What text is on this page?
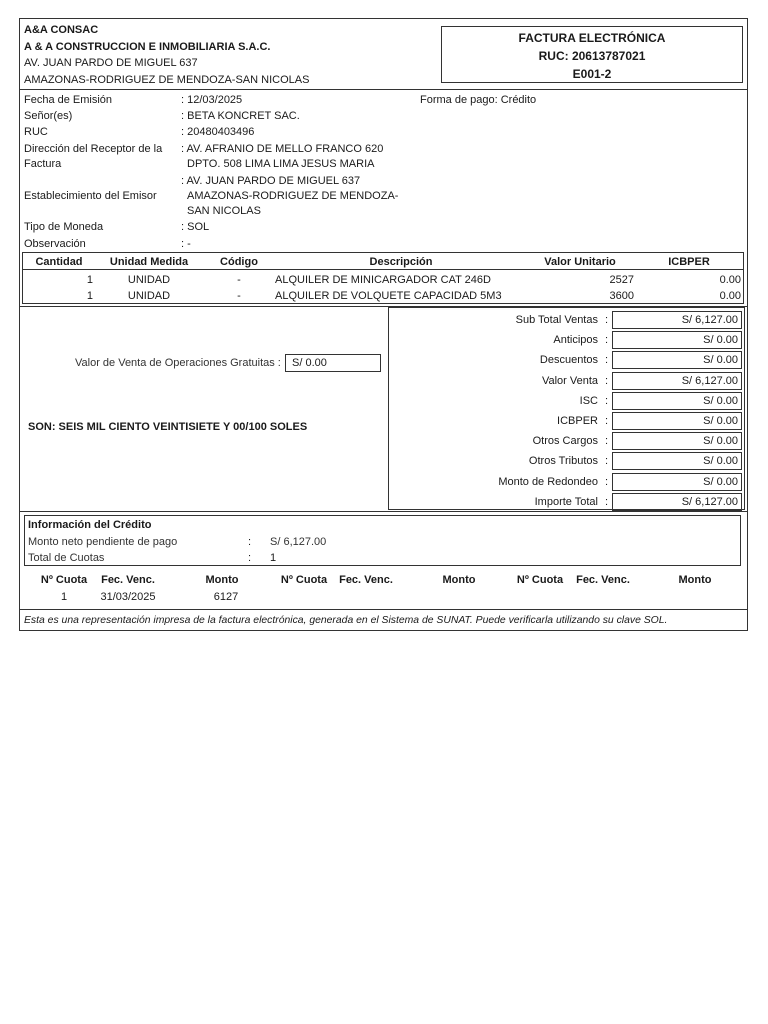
A&A CONSAC
A & A CONSTRUCCION E INMOBILIARIA S.A.C.
AV. JUAN PARDO DE MIGUEL 637
AMAZONAS-RODRIGUEZ DE MENDOZA-SAN NICOLAS
FACTURA ELECTRÓNICA
RUC: 20613787021
E001-2
Fecha de Emisión	: 12/03/2025	Forma de pago: Crédito
Señor(es)	: BETA KONCRET SAC.
RUC	: 20480403496
Dirección del Receptor de la
Factura
: AV. AFRANIO DE MELLO FRANCO 620
DPTO. 508 LIMA LIMA JESUS MARIA
: AV. JUAN PARDO DE MIGUEL 637
Establecimiento del Emisor	AMAZONAS-RODRIGUEZ DE MENDOZA-
SAN NICOLAS
Tipo de Moneda	: SOL
Observación	: -
Cantidad	Unidad Medida	Código	Descripción	Valor Unitario	ICBPER
1	UNIDAD	-	ALQUILER DE MINICARGADOR CAT 246D	2527	0.00
1	UNIDAD	-	ALQUILER DE VOLQUETE CAPACIDAD 5M3	3600	0.00
Valor de Venta de Operaciones Gratuitas : S/ 0.00
SON: SEIS MIL CIENTO VEINTISIETE Y 00/100 SOLES
Sub Total Ventas :	S/ 6,127.00
Anticipos :	S/ 0.00
Descuentos :	S/ 0.00
Valor Venta :	S/ 6,127.00
ISC :	S/ 0.00
ICBPER :	S/ 0.00
Otros Cargos :	S/ 0.00
Otros Tributos :	S/ 0.00
Monto de Redondeo :	S/ 0.00
Importe Total :	S/ 6,127.00
Información del Crédito
Monto neto pendiente de pago	: S/ 6,127.00
Total de Cuotas	: 1
Nº Cuota	Fec. Venc.	Monto	Nº Cuota	Fec. Venc.	Monto	Nº Cuota	Fec. Venc.	Monto
1	31/03/2025	6127
Esta es una representación impresa de la factura electrónica, generada en el Sistema de SUNAT. Puede verificarla utilizando su clave SOL.
